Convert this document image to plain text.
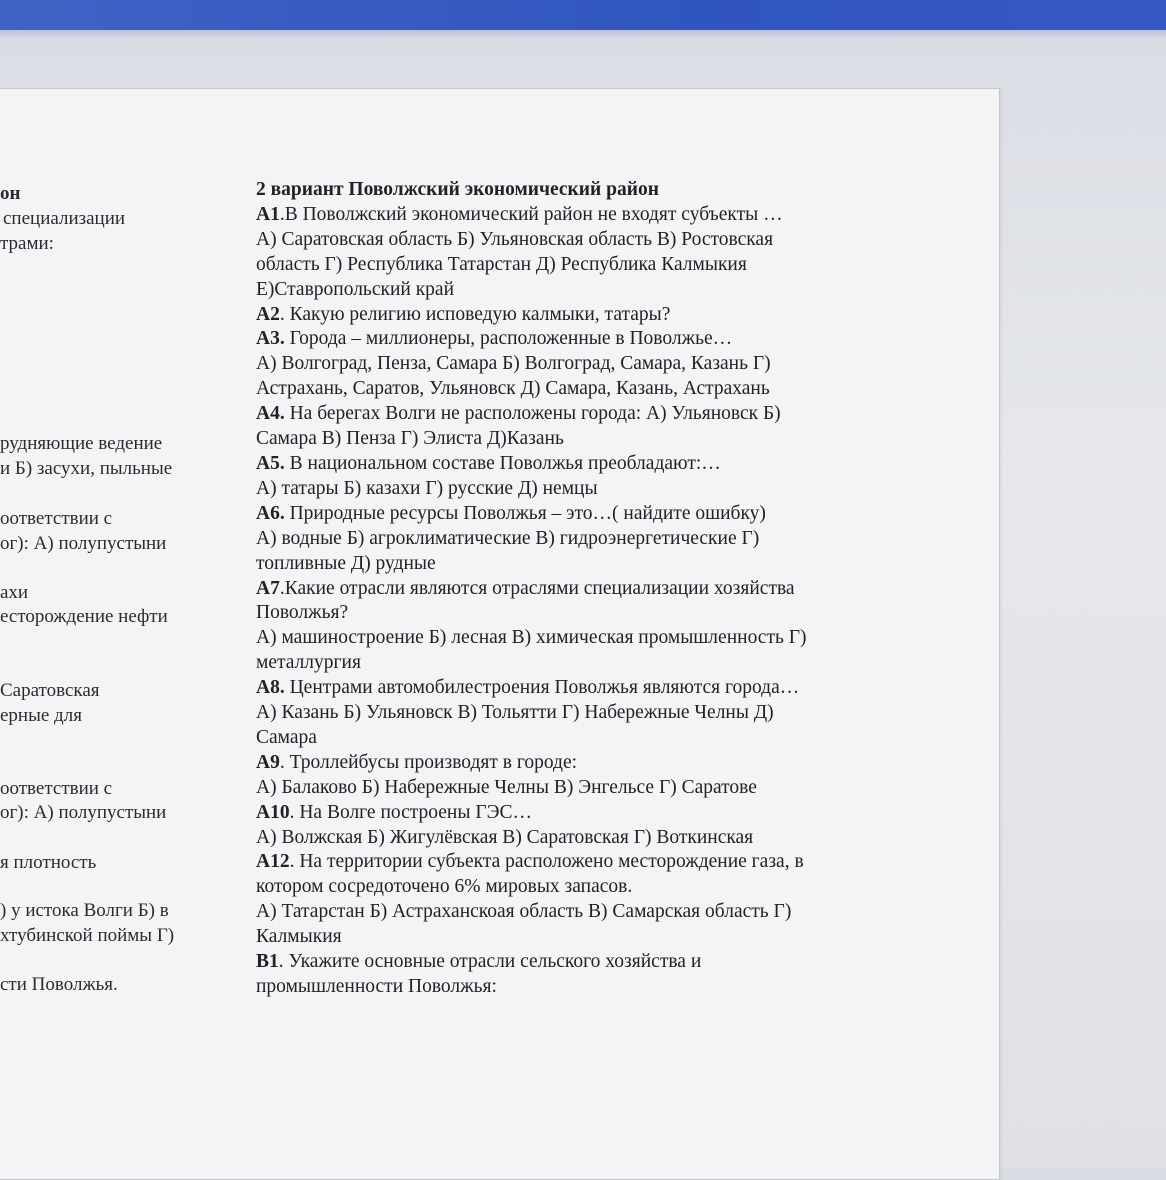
он
специализации
трами:
рудняющие ведение
и Б) засухи, пыльные
оответствии с
ог): А) полупустыни
ахи
есторождение нефти
Саратовская
ерные для
оответствии с
ог): А) полупустыни
я плотность
) у истока Волги Б) в
хтубинской поймы Г)
сти Поволжья.
2 вариант Поволжский экономический район
А1.В Поволжский экономический район не входят субъекты …
А) Саратовская область Б) Ульяновская область В) Ростовская
область Г) Республика Татарстан Д) Республика Калмыкия
Е)Ставропольский край
А2. Какую религию исповедую калмыки, татары?
А3. Города – миллионеры, расположенные в Поволжье…
А) Волгоград, Пенза, Самара Б) Волгоград, Самара, Казань Г)
Астрахань, Саратов, Ульяновск Д) Самара, Казань, Астрахань
А4. На берегах Волги не расположены города: А) Ульяновск Б)
Самара В) Пенза Г) Элиста Д)Казань
А5. В национальном составе Поволжья преобладают:…
А) татары Б) казахи Г) русские Д) немцы
А6. Природные ресурсы Поволжья – это…( найдите ошибку)
А) водные Б) агроклиматические В) гидроэнергетические Г)
топливные Д) рудные
А7.Какие отрасли являются отраслями специализации хозяйства
Поволжья?
А) машиностроение Б) лесная В) химическая промышленность Г)
металлургия
А8. Центрами автомобилестроения Поволжья являются города…
А) Казань Б) Ульяновск В) Тольятти Г) Набережные Челны Д)
Самара
А9. Троллейбусы производят в городе:
А) Балаково Б) Набережные Челны В) Энгельсе Г) Саратове
А10. На Волге построены ГЭС…
А) Волжская Б) Жигулёвская В) Саратовская Г) Воткинская
А12. На территории субъекта расположено месторождение газа, в
котором сосредоточено 6% мировых запасов.
А) Татарстан Б) Астраханскоая область В) Самарская область Г)
Калмыкия
В1. Укажите основные отрасли сельского хозяйства и
промышленности Поволжья:
